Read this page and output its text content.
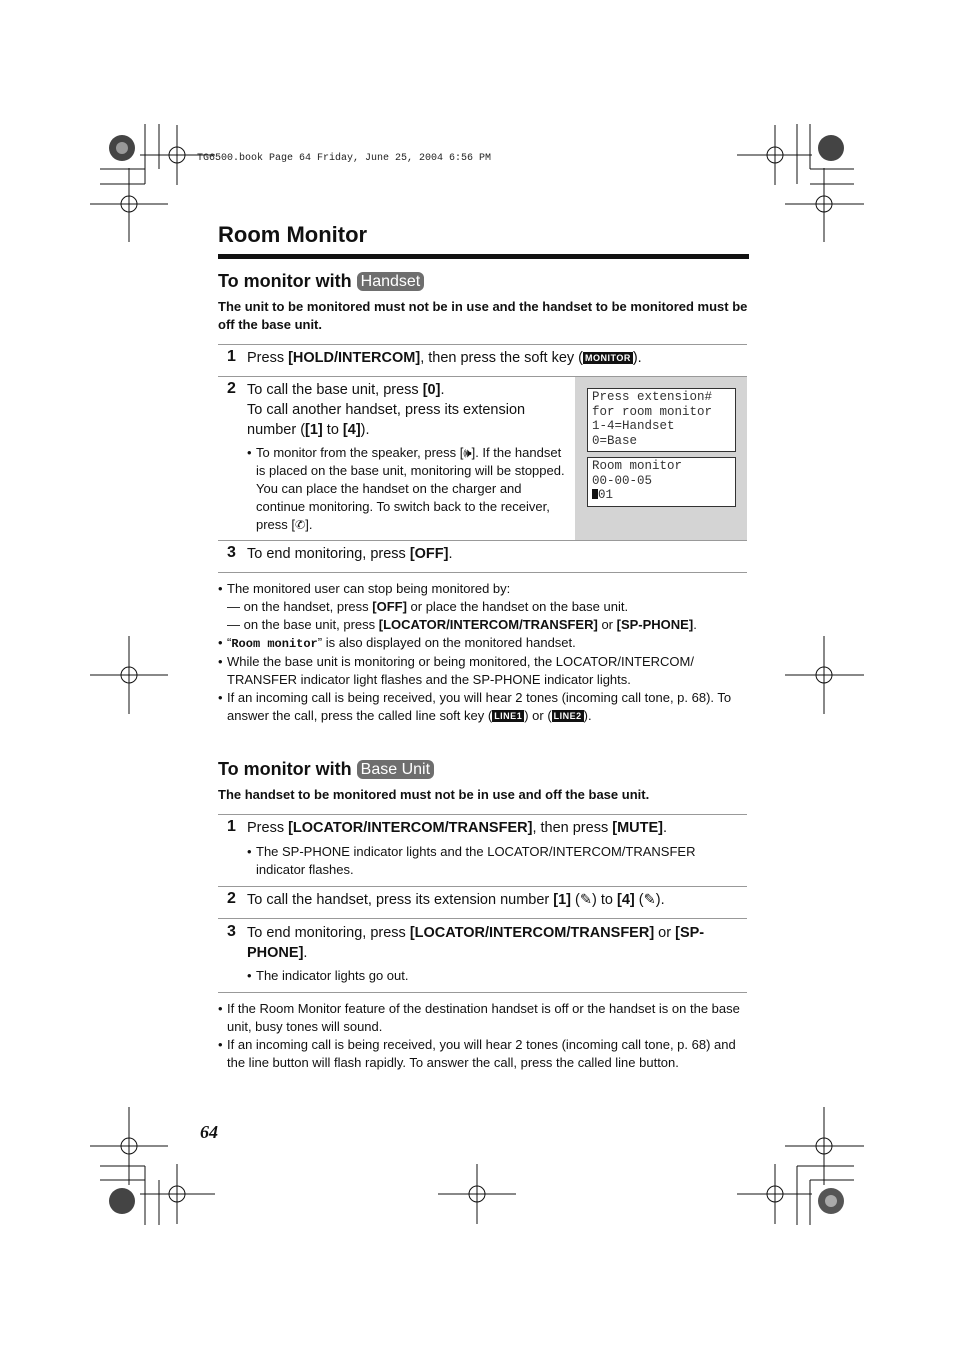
TG6500.book Page 64 Friday, June 25, 2004 6:56 PM
Room Monitor
To monitor with Handset
The unit to be monitored must not be in use and the handset to be monitored must be off the base unit.
1 Press [HOLD/INTERCOM], then press the soft key ( MONITOR ).
Press extension#
for room monitor
1-4=Handset
0=Base
Room monitor
00-00-05
01
2 To call the base unit, press [0].
To call another handset, press its extension number ([1] to [4]).
• To monitor from the speaker, press [🕪]. If the handset is placed on the base unit, monitoring will be stopped. You can place the handset on the charger and continue monitoring. To switch back to the receiver, press [✆].
3 To end monitoring, press [OFF].
• The monitored user can stop being monitored by:
— on the handset, press [OFF] or place the handset on the base unit.
— on the base unit, press [LOCATOR/INTERCOM/TRANSFER] or [SP-PHONE].
• “Room monitor” is also displayed on the monitored handset.
• While the base unit is monitoring or being monitored, the LOCATOR/INTERCOM/ TRANSFER indicator light flashes and the SP-PHONE indicator lights.
• If an incoming call is being received, you will hear 2 tones (incoming call tone, p. 68). To answer the call, press the called line soft key ( LINE1 ) or ( LINE2 ).
To monitor with Base Unit
The handset to be monitored must not be in use and off the base unit.
1 Press [LOCATOR/INTERCOM/TRANSFER], then press [MUTE].
• The SP-PHONE indicator lights and the LOCATOR/INTERCOM/TRANSFER indicator flashes.
2 To call the handset, press its extension number [1] (✎) to [4] (✎).
3 To end monitoring, press [LOCATOR/INTERCOM/TRANSFER] or [SP-PHONE].
• The indicator lights go out.
• If the Room Monitor feature of the destination handset is off or the handset is on the base unit, busy tones will sound.
• If an incoming call is being received, you will hear 2 tones (incoming call tone, p. 68) and the line button will flash rapidly. To answer the call, press the called line button.
64
